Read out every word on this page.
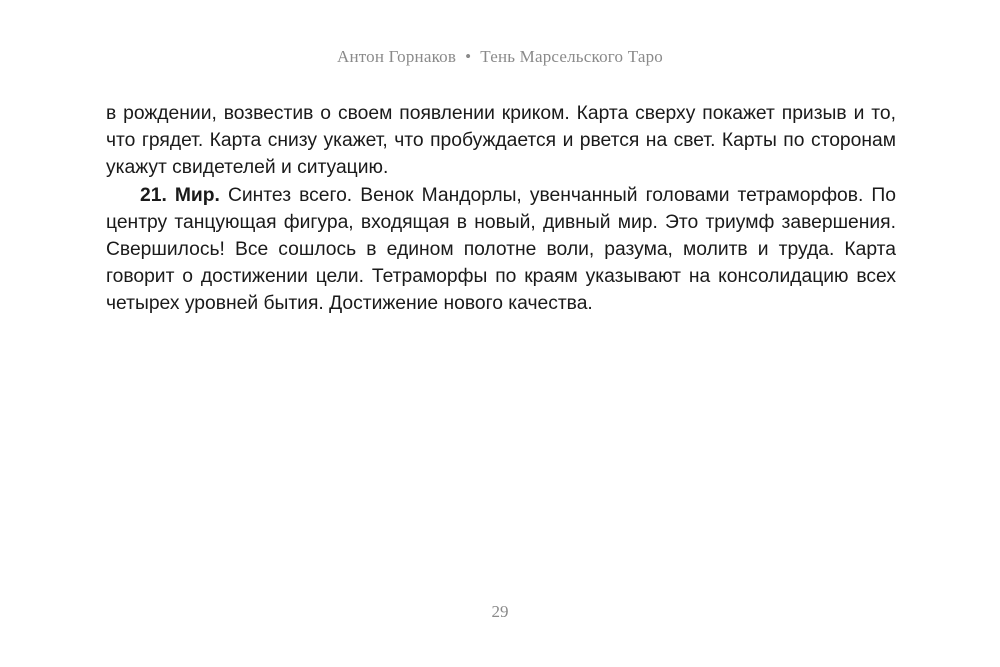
Антон Горнаков • Тень Марсельского Таро

в рождении, возвестив о своем появлении криком. Карта сверху покажет призыв и то, что грядет. Карта снизу укажет, что пробуждается и рвется на свет. Карты по сторонам укажут свидетелей и ситуацию.

21. Мир. Синтез всего. Венок Мандорлы, увенчанный головами тетраморфов. По центру танцующая фигура, входящая в новый, дивный мир. Это триумф завершения. Свершилось! Все сошлось в едином полотне воли, разума, молитв и труда. Карта говорит о достижении цели. Тетраморфы по краям указывают на консолидацию всех четырех уровней бытия. Достижение нового качества.

29
